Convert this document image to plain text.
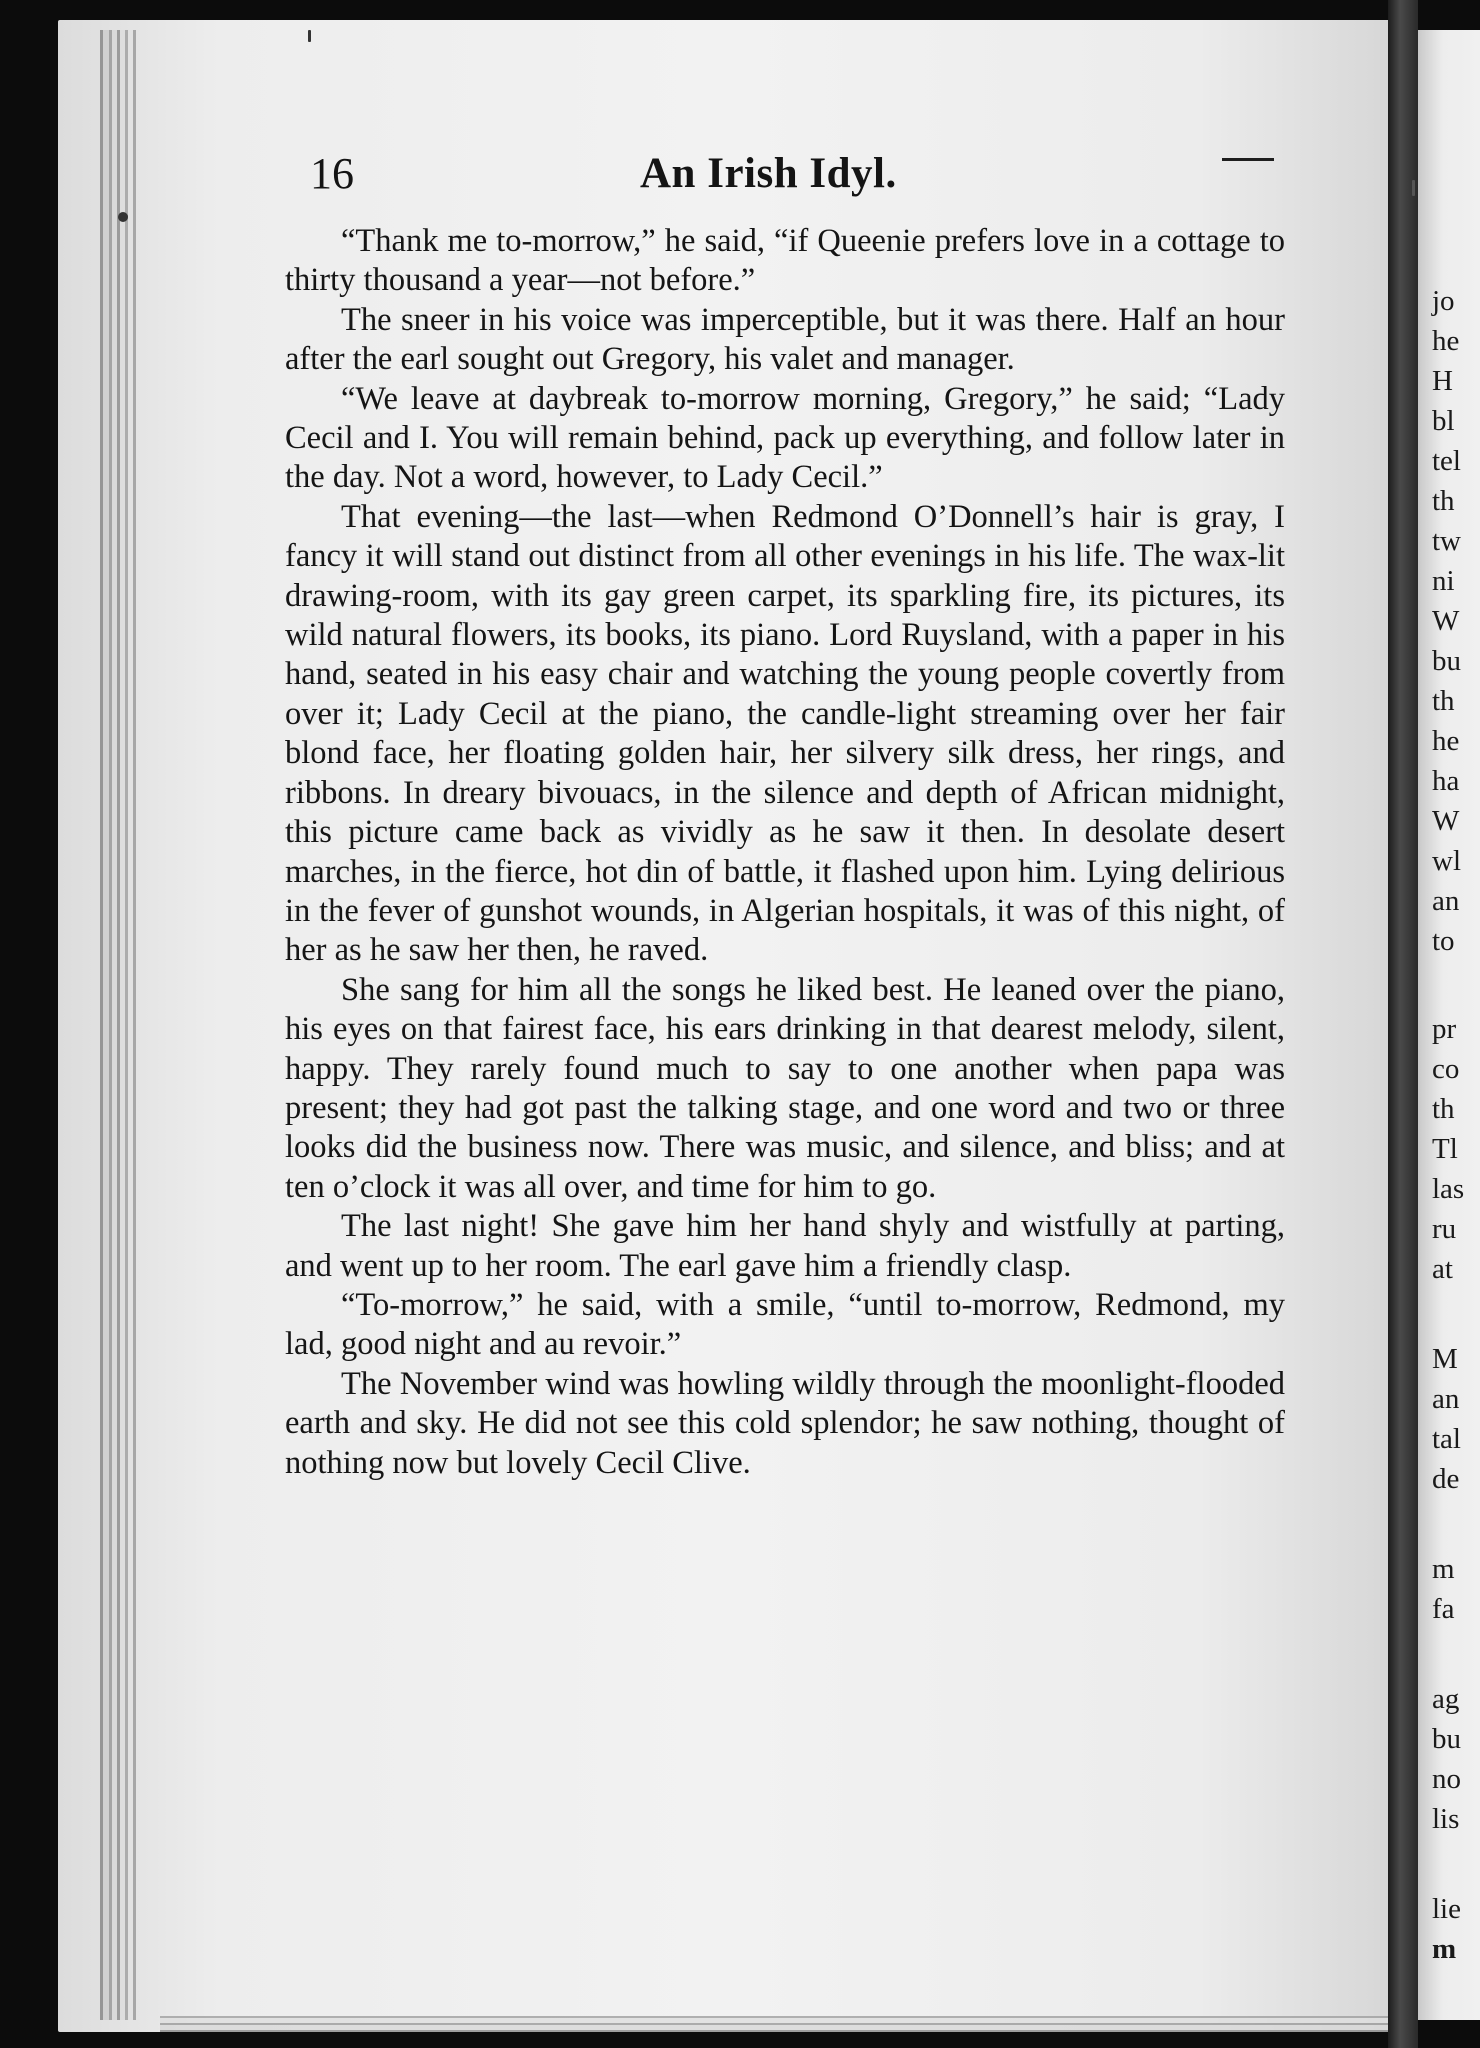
jo

he

H

bl

tel

th

tw

ni

W

bu

th

he

ha

W

wl

an

to

pr

co

th

Tl

las

ru

at

M

an

tal

de

m

fa

ag

bu

no

lis

lie

m

16	An Irish Idyl.

“Thank me to-morrow,” he said, “if Queenie prefers love in a cottage to thirty thousand a year—not before.”

The sneer in his voice was imperceptible, but it was there. Half an hour after the earl sought out Gregory, his valet and manager.

“We leave at daybreak to-morrow morning, Gregory,” he said; “Lady Cecil and I. You will remain behind, pack up everything, and follow later in the day. Not a word, however, to Lady Cecil.”

That evening—the last—when Redmond O’Donnell’s hair is gray, I fancy it will stand out distinct from all other evenings in his life. The wax-lit drawing-room, with its gay green carpet, its sparkling fire, its pictures, its wild natural flowers, its books, its piano. Lord Ruysland, with a paper in his hand, seated in his easy chair and watching the young people covertly from over it; Lady Cecil at the piano, the candle-light streaming over her fair blond face, her floating golden hair, her silvery silk dress, her rings, and ribbons. In dreary bivouacs, in the silence and depth of African midnight, this picture came back as vividly as he saw it then. In desolate desert marches, in the fierce, hot din of battle, it flashed upon him. Lying delirious in the fever of gunshot wounds, in Algerian hospitals, it was of this night, of her as he saw her then, he raved.

She sang for him all the songs he liked best. He leaned over the piano, his eyes on that fairest face, his ears drinking in that dearest melody, silent, happy. They rarely found much to say to one another when papa was present; they had got past the talking stage, and one word and two or three looks did the business now. There was music, and silence, and bliss; and at ten o’clock it was all over, and time for him to go.

The last night! She gave him her hand shyly and wistfully at parting, and went up to her room. The earl gave him a friendly clasp.

“To-morrow,” he said, with a smile, “until to-morrow, Redmond, my lad, good night and au revoir.”

The November wind was howling wildly through the moonlight-flooded earth and sky. He did not see this cold splendor; he saw nothing, thought of nothing now but lovely Cecil Clive.
